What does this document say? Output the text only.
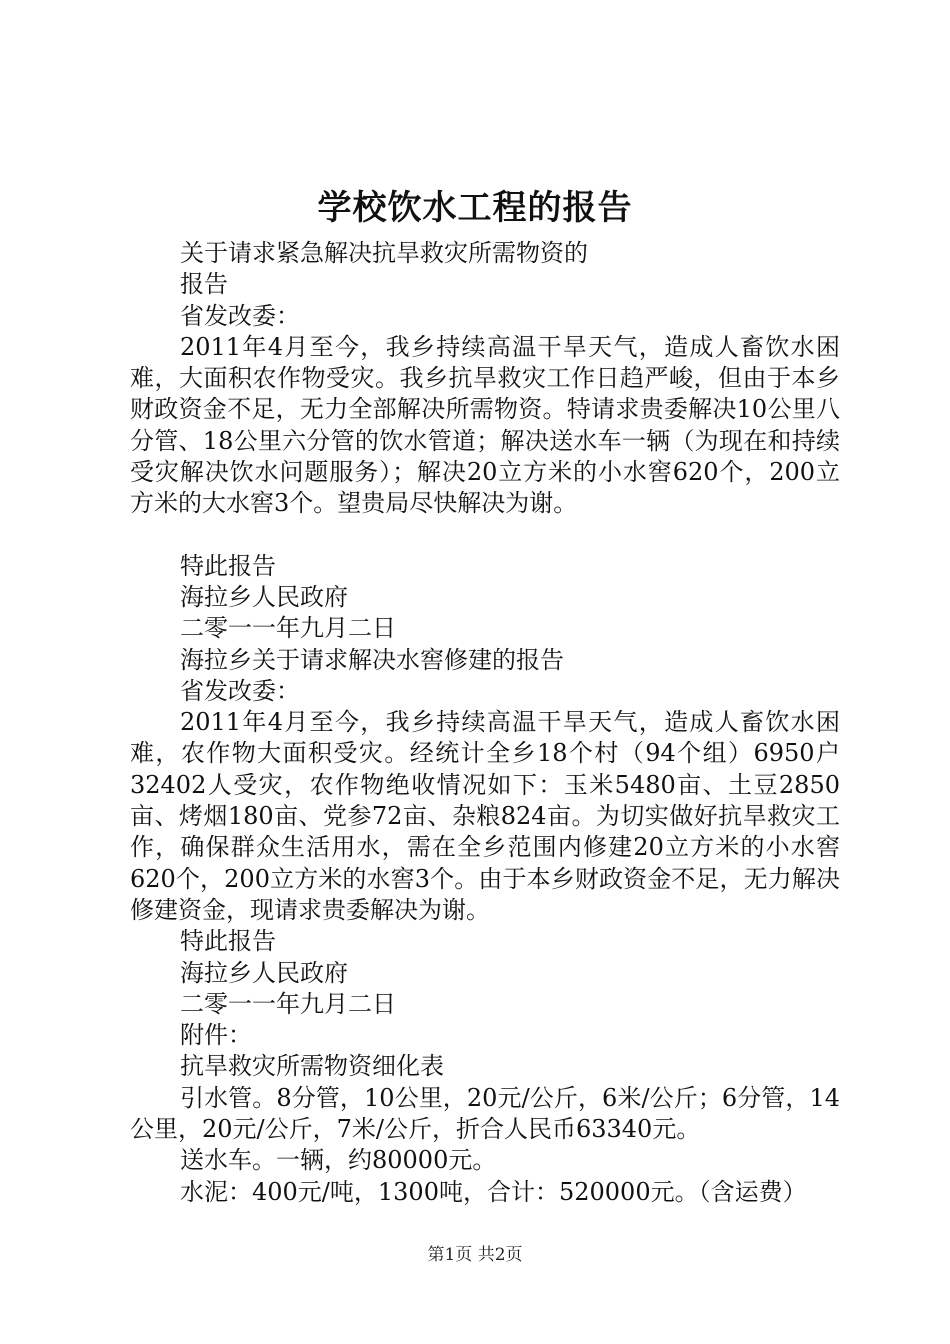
学校饮水工程的报告

关于请求紧急解决抗旱救灾所需物资的

报告

省发改委：

2011年4月至今，我乡持续高温干旱天气，造成人畜饮水困难，大面积农作物受灾。我乡抗旱救灾工作日趋严峻，但由于本乡财政资金不足，无力全部解决所需物资。特请求贵委解决10公里八分管、18公里六分管的饮水管道；解决送水车一辆（为现在和持续受灾解决饮水问题服务）；解决20立方米的小水窖620个，200立方米的大水窖3个。望贵局尽快解决为谢。

特此报告

海拉乡人民政府

二零一一年九月二日

海拉乡关于请求解决水窖修建的报告

省发改委：

2011年4月至今，我乡持续高温干旱天气，造成人畜饮水困难，农作物大面积受灾。经统计全乡18个村（94个组）6950户32402人受灾，农作物绝收情况如下：玉米5480亩、土豆2850亩、烤烟180亩、党参72亩、杂粮824亩。为切实做好抗旱救灾工作，确保群众生活用水，需在全乡范围内修建20立方米的小水窖620个，200立方米的水窖3个。由于本乡财政资金不足，无力解决修建资金，现请求贵委解决为谢。

特此报告

海拉乡人民政府

二零一一年九月二日

附件：

抗旱救灾所需物资细化表

引水管。8分管，10公里，20元/公斤，6米/公斤；6分管，14公里，20元/公斤，7米/公斤，折合人民币63340元。

送水车。一辆，约80000元。

水泥：400元/吨，1300吨，合计：520000元。（含运费）

第1页 共2页
